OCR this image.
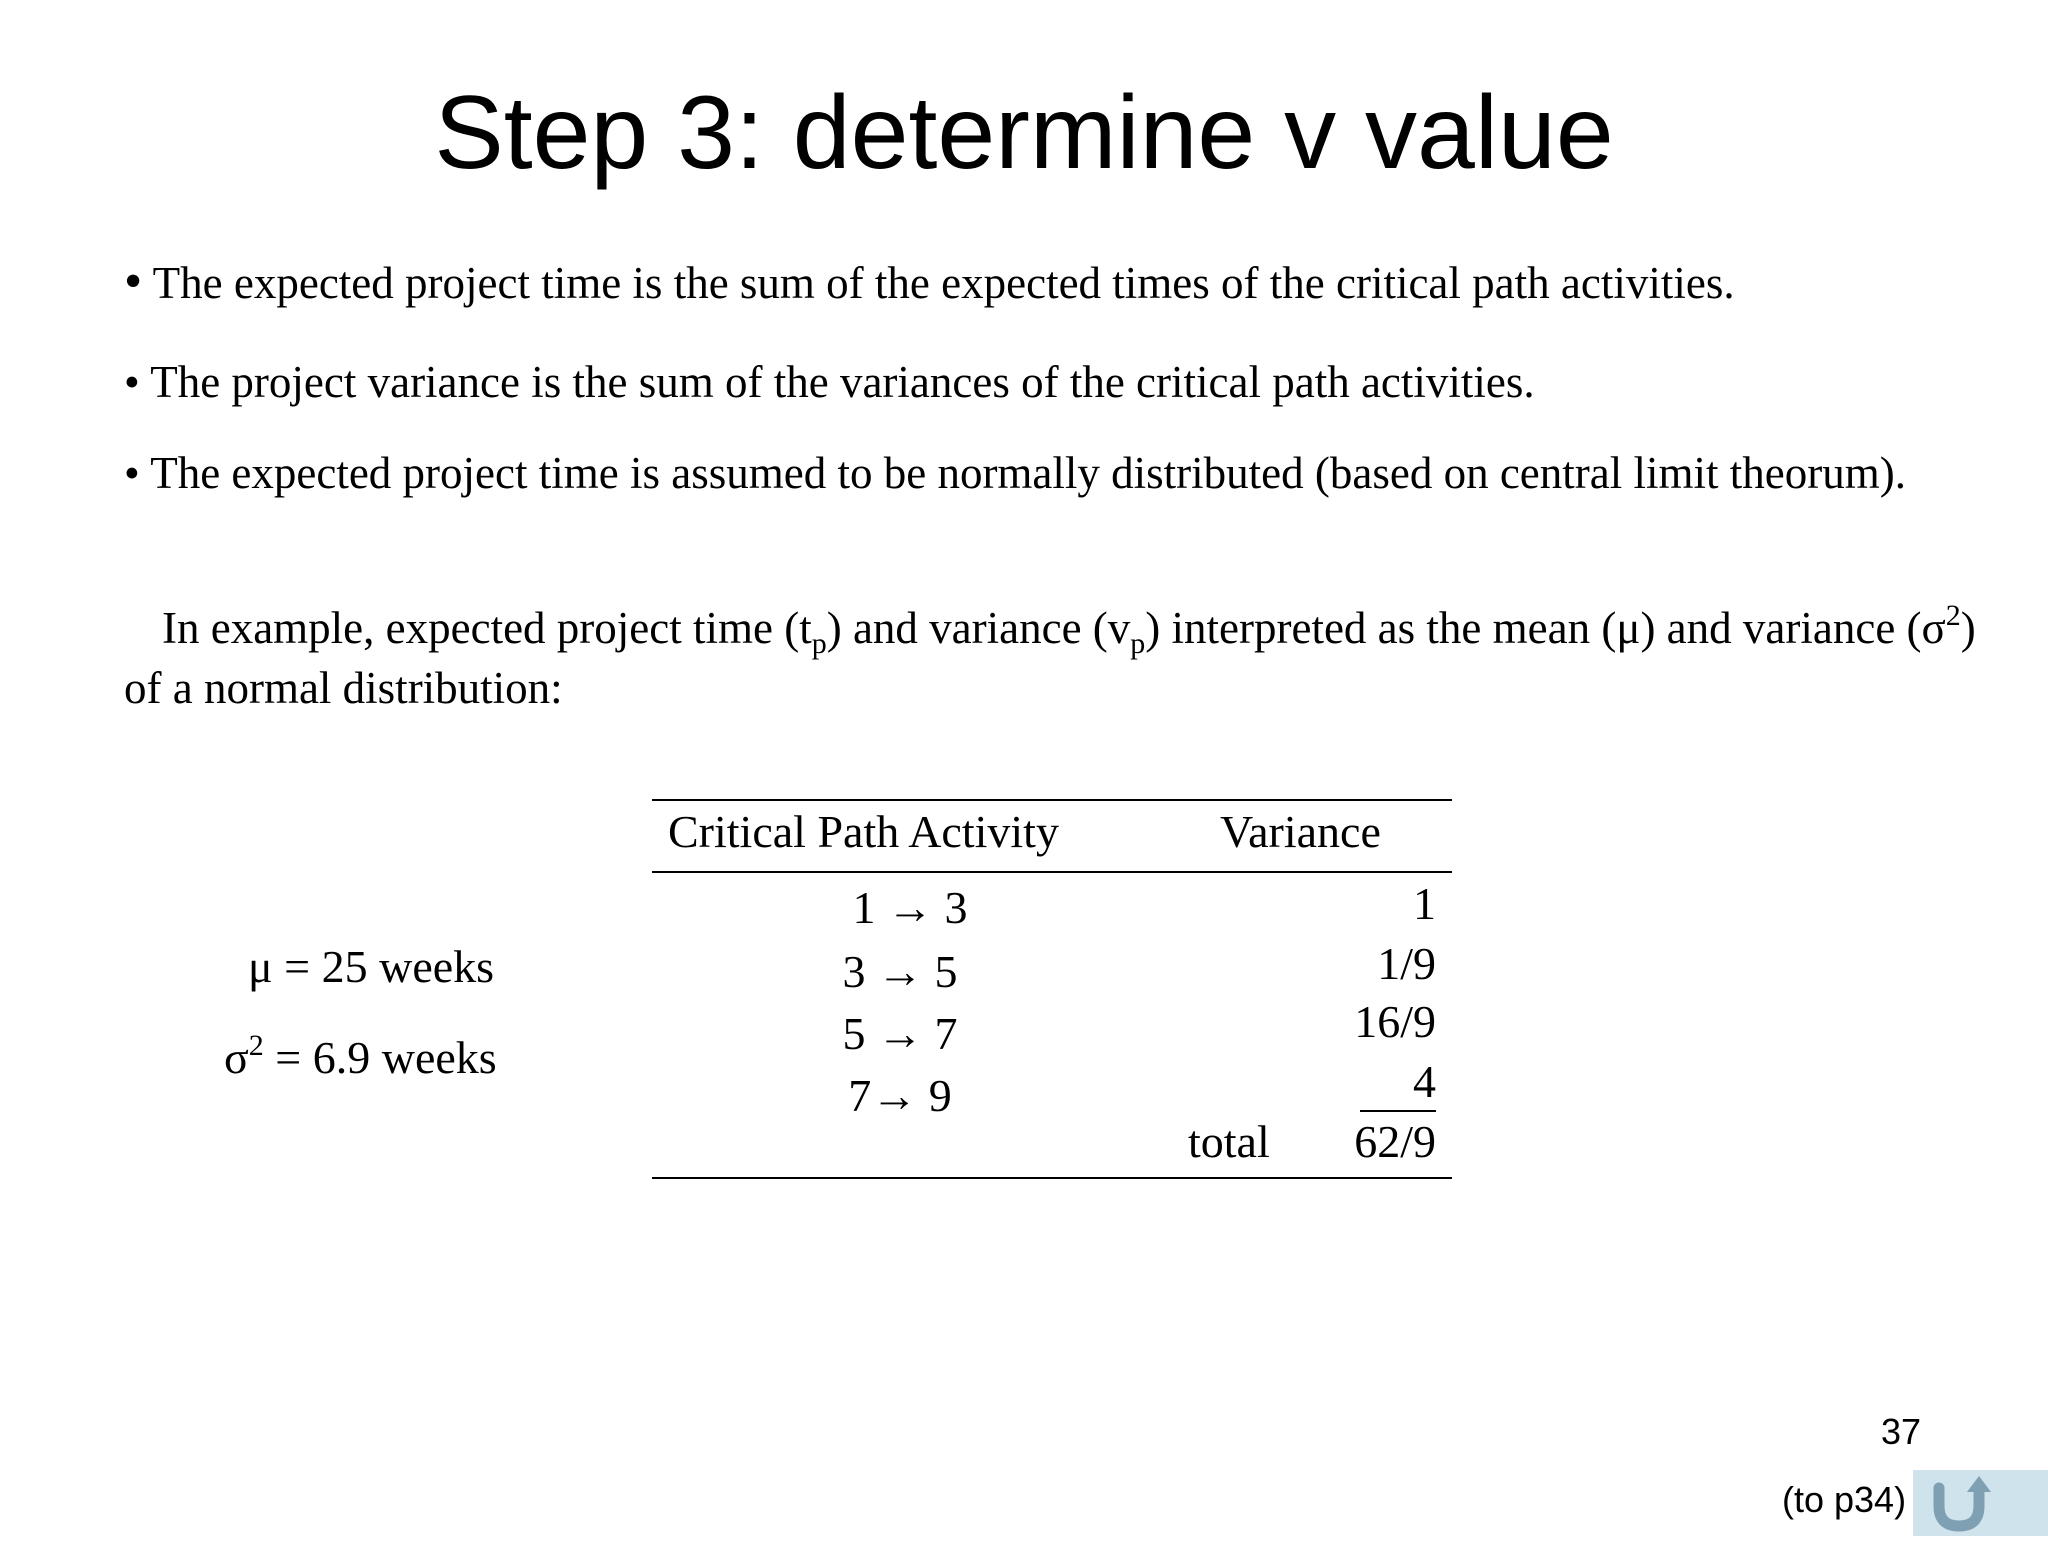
Step 3: determine v value

• The expected project time is the sum of the expected times of the critical path activities.

• The project variance is the sum of the variances of the critical path activities.

• The expected project time is assumed to be normally distributed (based on central limit theorum).

In example, expected project time $(t_p)$ and variance $(v_p)$ interpreted as the mean (μ) and variance $(\sigma^2)$ of a normal distribution:

μ = 25 weeks
$\sigma^2 = 6.9$ weeks
Critical Path Activity	Variance
1 → 3	1
3 → 5	1/9
5 → 7	16/9
7→ 9	4
total	62/9
37
(to p34)
